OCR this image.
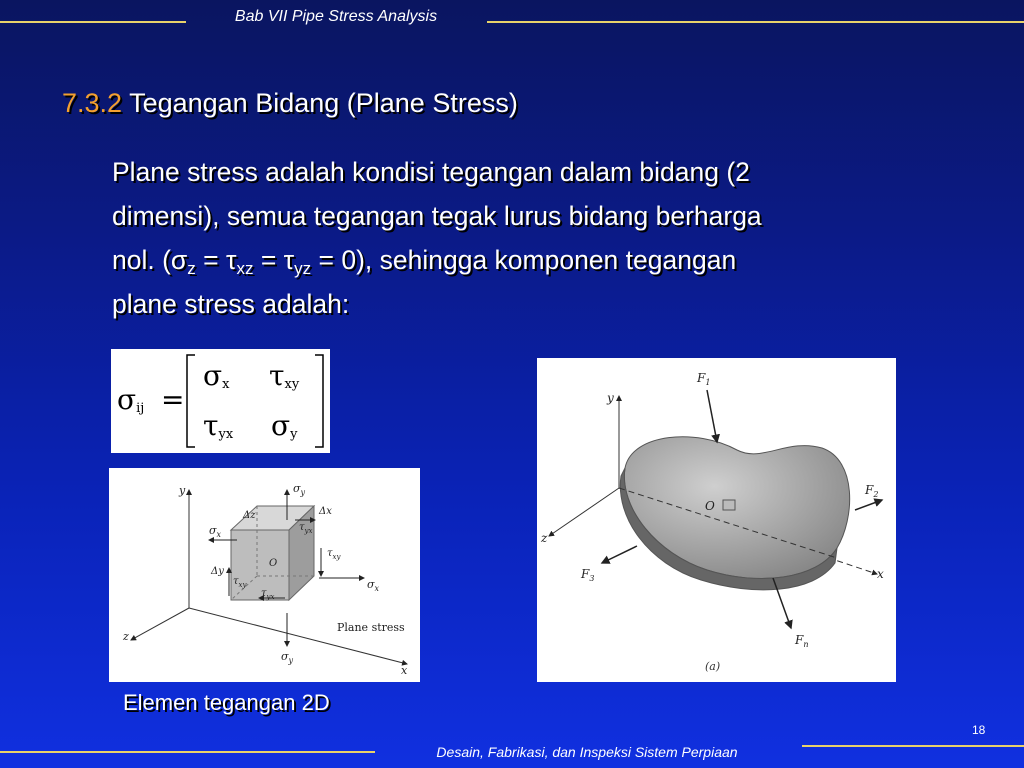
Bab VII Pipe Stress Analysis
7.3.2 Tegangan Bidang (Plane Stress)
Plane stress adalah kondisi tegangan dalam bidang (2
dimensi), semua tegangan tegak lurus bidang berharga
nol. $(\sigma_z = \tau_{xz} = \tau_{yz} = 0)$, sehingga komponen tegangan
plane stress adalah:
$\sigma_{ij}$ =
$\sigma_x$ $\tau_{xy}$
$\tau_{yx}$ $\sigma_y$
y
x
z
$\sigma_y$
$\sigma_y$
$\sigma_x$
$\sigma_x$
$\tau_{xy}$
$\tau_{yx}$
$\tau_{xy}$
$\tau_{yx}$
Δz	Δx
Δy
O
Plane stress
y
x
z
O
$F_1$
$F_2$
$F_3$
$F_n$
(a)
Elemen tegangan 2D
18
Desain, Fabrikasi, dan Inspeksi Sistem Perpiaan
